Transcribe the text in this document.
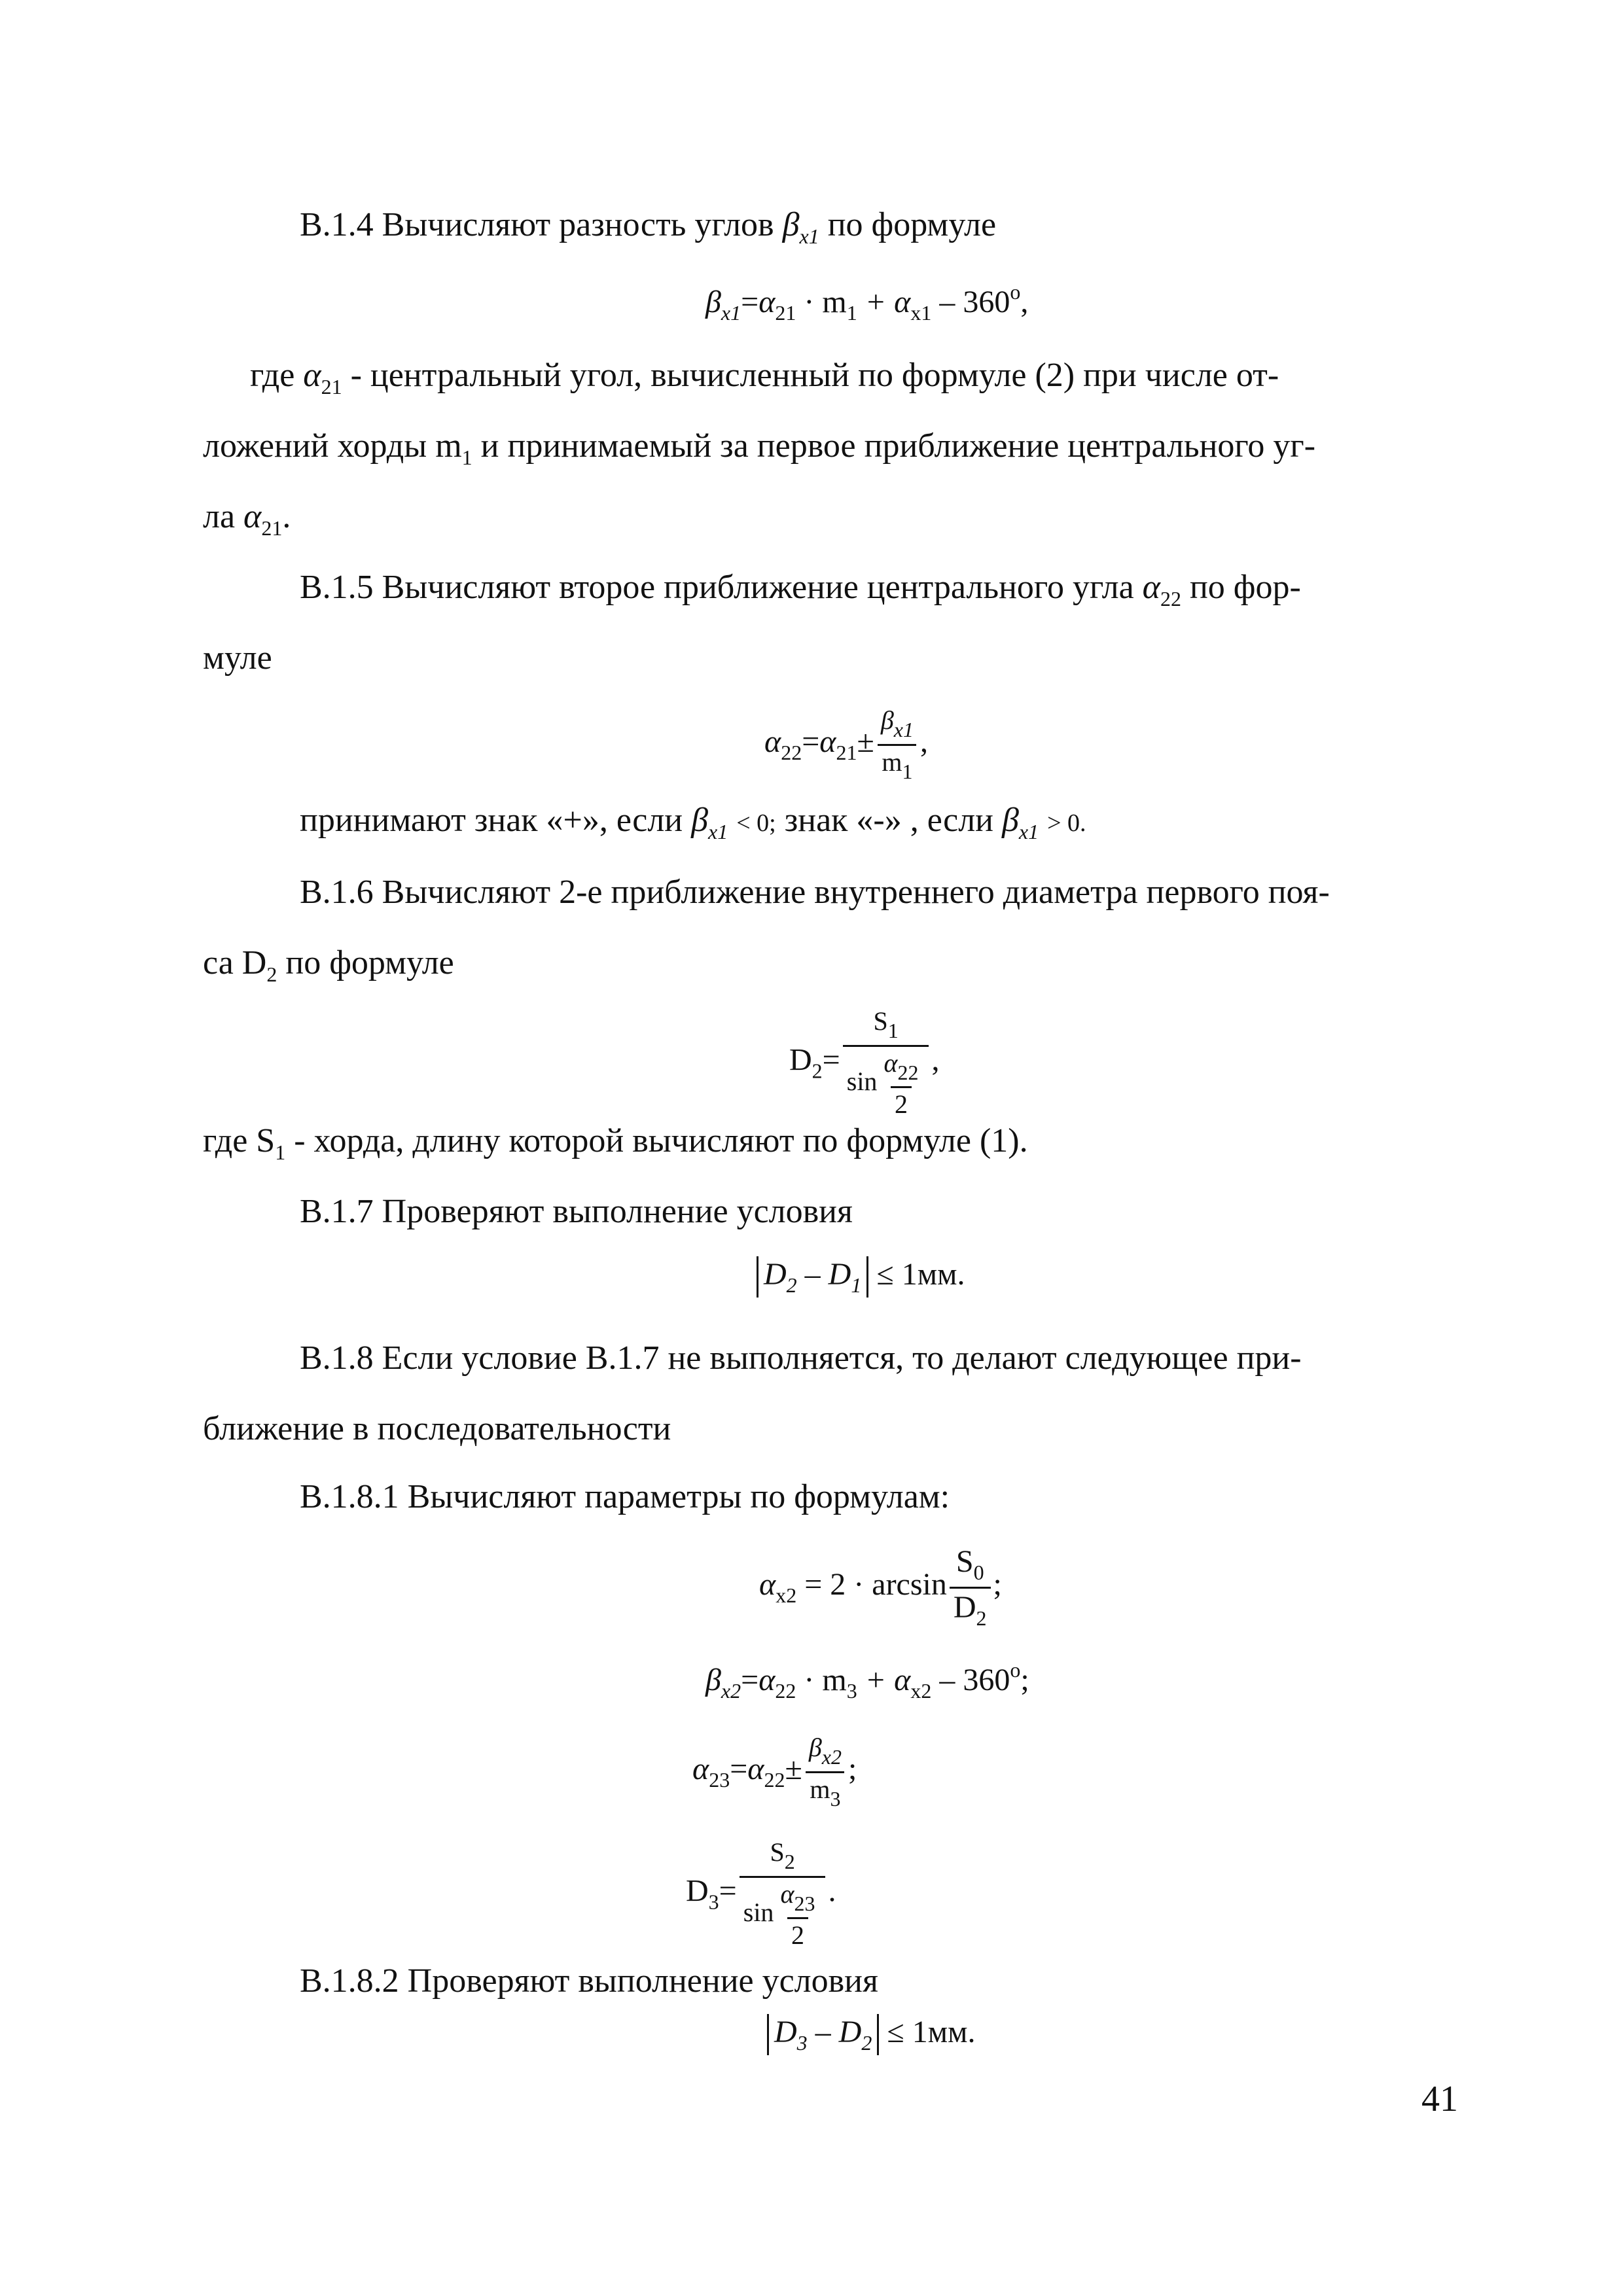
В.1.4 Вычисляют разность углов $\beta_{x1}$ по формуле
$\beta_{x1}=\alpha_{21} \cdot m_1 + \alpha_{x1} - 360^o$,
где $\alpha_{21}$ - центральный угол, вычисленный по формуле (2) при числе от-
ложений хорды $m_1$ и принимаемый за первое приближение центрального уг-
ла $\alpha_{21}$.
В.1.5 Вычисляют второе приближение центрального угла $\alpha_{22}$ по фор-
муле
$\alpha_{22}=\alpha_{21}\pm \frac{\beta_{x1}}{m_1}$ ,
принимают знак «+», если $\beta_{x1} < 0$; знак «-» , если $\beta_{x1} > 0$.
В.1.6 Вычисляют 2-е приближение внутреннего диаметра первого поя-
са $D_2$ по формуле
$D_2= \frac{S_1}{\sin \frac{\alpha_{22}}{2}}$ ,
где $S_1$ - хорда, длину которой вычисляют по формуле (1).
В.1.7 Проверяют выполнение условия
$D_2 - D_1 \le 1мм$.
В.1.8 Если условие В.1.7 не выполняется, то делают следующее при-
ближение в последовательности
В.1.8.1 Вычисляют параметры по формулам:
$\alpha_{x2} = 2 \cdot \arcsin \frac{S_0}{D_2}$ ;
$\beta_{x2}=\alpha_{22} \cdot m_3 + \alpha_{x2} - 360^o$;
$\alpha_{23}=\alpha_{22}\pm \frac{\beta_{x2}}{m_3}$ ;
$D_3= \frac{S_2}{\sin \frac{\alpha_{23}}{2}}$ .
В.1.8.2 Проверяют выполнение условия
$D_3 - D_2 \le 1мм$.
41
